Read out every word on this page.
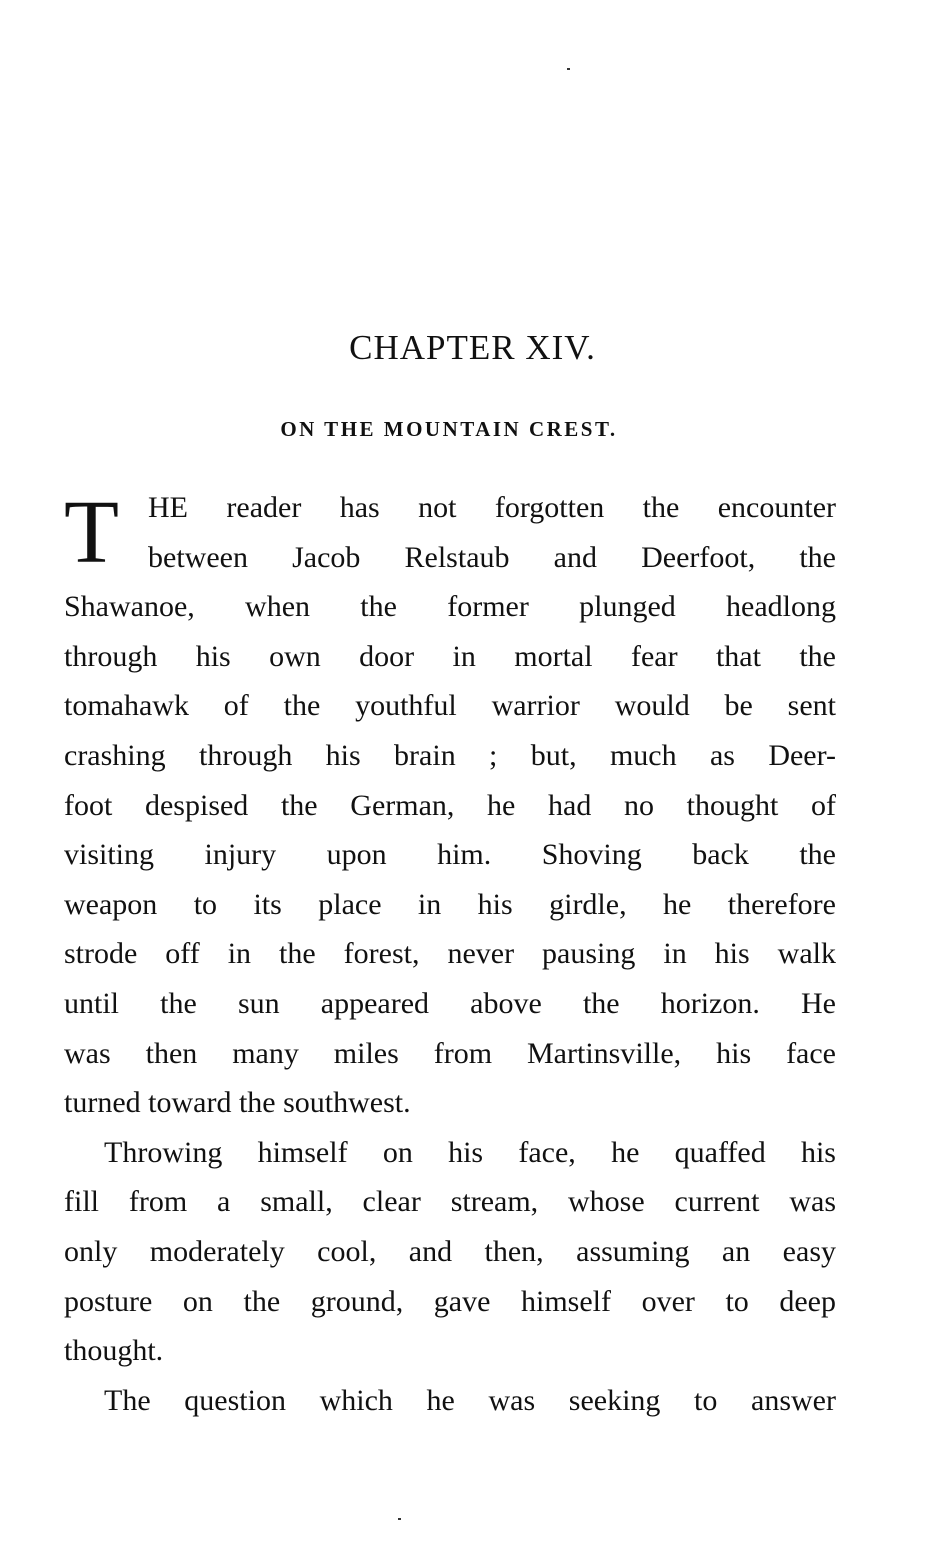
CHAPTER XIV.
ON THE MOUNTAIN CREST.
T HE reader has not forgotten the encounter
between Jacob Relstaub and Deerfoot, the
Shawanoe, when the former plunged headlong
through his own door in mortal fear that the
tomahawk of the youthful warrior would be sent
crashing through his brain ; but, much as Deer-
foot despised the German, he had no thought of
visiting injury upon him. Shoving back the
weapon to its place in his girdle, he therefore
strode off in the forest, never pausing in his walk
until the sun appeared above the horizon. He
was then many miles from Martinsville, his face
turned toward the southwest.
Throwing himself on his face, he quaffed his
fill from a small, clear stream, whose current was
only moderately cool, and then, assuming an easy
posture on the ground, gave himself over to deep
thought.
The question which he was seeking to answer
